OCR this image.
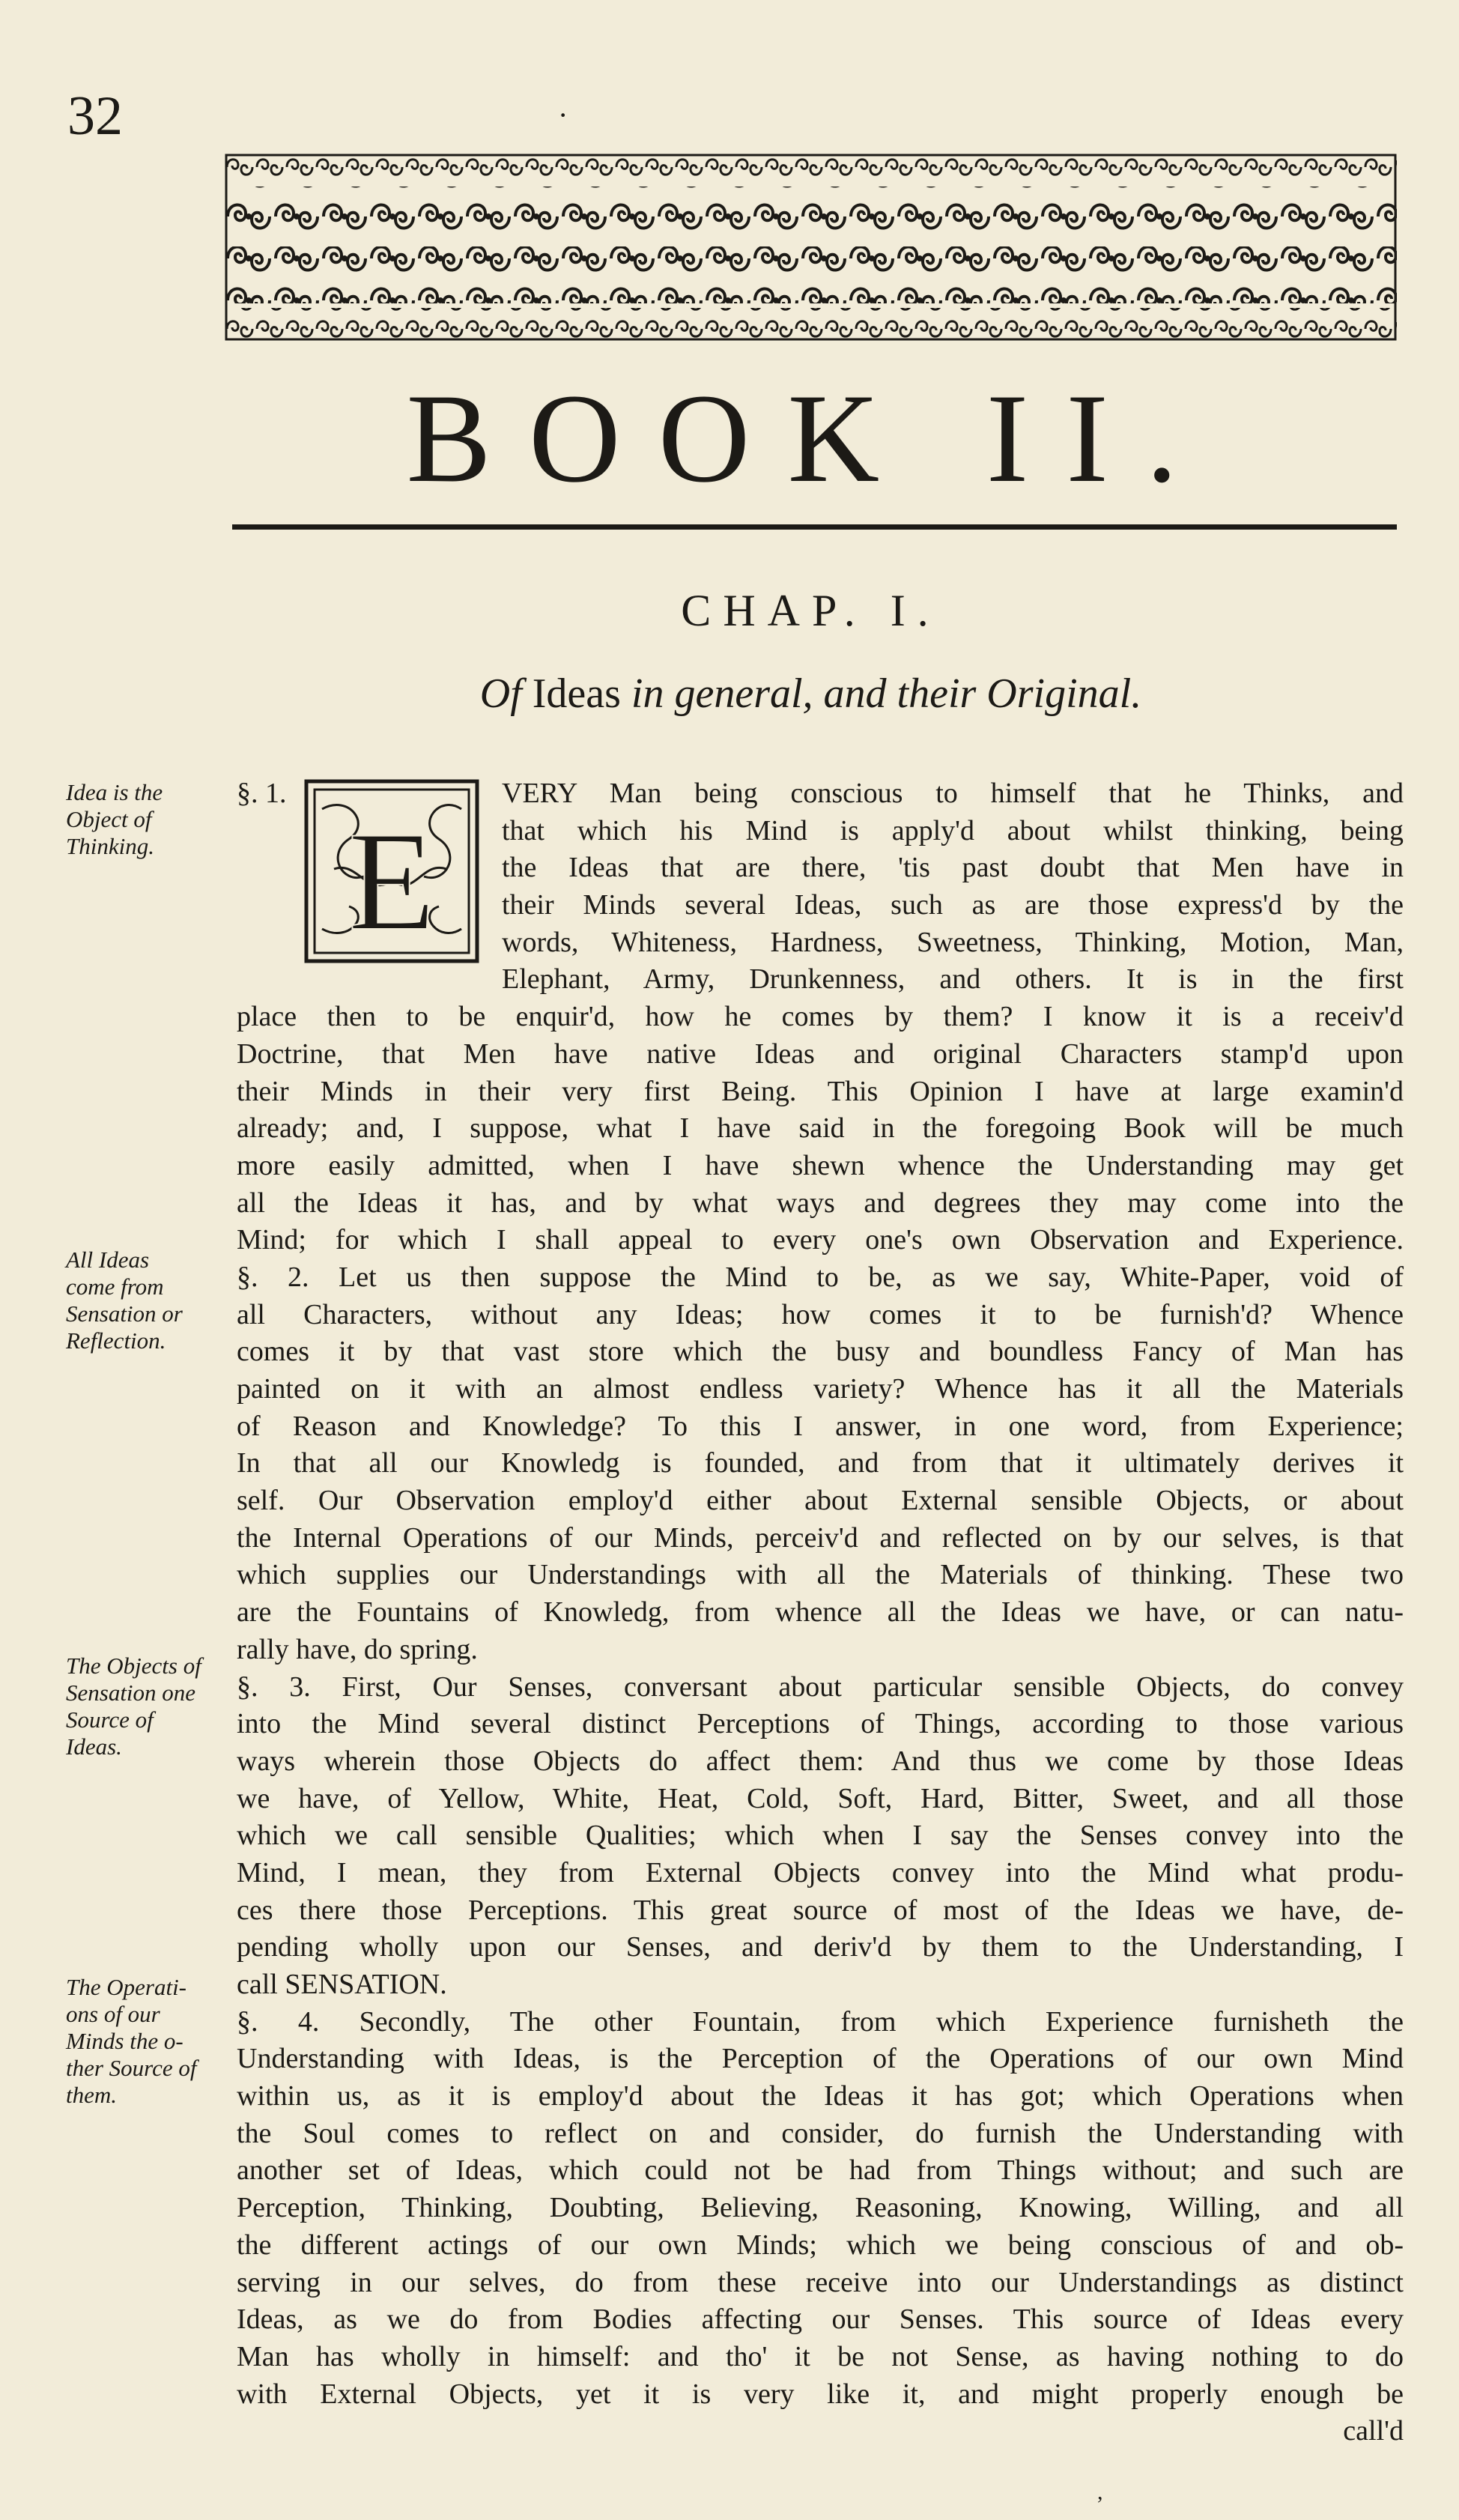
32	·
BOOK II.
CHAP. I.
Of Ideas in general, and their Original.
§. 1.
E
Idea is the
Object of
Thinking.
All Ideas
come from
Sensation or
Reflection.
The Objects of
Sensation one
Source of
Ideas.
The Operati-
ons of our
Minds the o-
ther Source of
them.
VERY Man being conscious to himself that he Thinks, and
that which his Mind is apply'd about whilst thinking, being
the Ideas that are there, 'tis past doubt that Men have in
their Minds several Ideas, such as are those express'd by the
words, Whiteness, Hardness, Sweetness, Thinking, Motion, Man,
Elephant, Army, Drunkenness, and others. It is in the first
place then to be enquir'd, how he comes by them? I know it is a receiv'd
Doctrine, that Men have native Ideas and original Characters stamp'd upon
their Minds in their very first Being. This Opinion I have at large examin'd
already; and, I suppose, what I have said in the foregoing Book will be much
more easily admitted, when I have shewn whence the Understanding may get
all the Ideas it has, and by what ways and degrees they may come into the
Mind; for which I shall appeal to every one's own Observation and Experience.
§. 2. Let us then suppose the Mind to be, as we say, White-Paper, void of
all Characters, without any Ideas; how comes it to be furnish'd? Whence
comes it by that vast store which the busy and boundless Fancy of Man has
painted on it with an almost endless variety? Whence has it all the Materials
of Reason and Knowledge? To this I answer, in one word, from Experience;
In that all our Knowledg is founded, and from that it ultimately derives it
self. Our Observation employ'd either about External sensible Objects, or about
the Internal Operations of our Minds, perceiv'd and reflected on by our selves, is that
which supplies our Understandings with all the Materials of thinking. These two
are the Fountains of Knowledg, from whence all the Ideas we have, or can natu-
rally have, do spring.
§. 3. First, Our Senses, conversant about particular sensible Objects, do convey
into the Mind several distinct Perceptions of Things, according to those various
ways wherein those Objects do affect them: And thus we come by those Ideas
we have, of Yellow, White, Heat, Cold, Soft, Hard, Bitter, Sweet, and all those
which we call sensible Qualities; which when I say the Senses convey into the
Mind, I mean, they from External Objects convey into the Mind what produ-
ces there those Perceptions. This great source of most of the Ideas we have, de-
pending wholly upon our Senses, and deriv'd by them to the Understanding, I
call SENSATION.
§. 4. Secondly, The other Fountain, from which Experience furnisheth the
Understanding with Ideas, is the Perception of the Operations of our own Mind
within us, as it is employ'd about the Ideas it has got; which Operations when
the Soul comes to reflect on and consider, do furnish the Understanding with
another set of Ideas, which could not be had from Things without; and such are
Perception, Thinking, Doubting, Believing, Reasoning, Knowing, Willing, and all
the different actings of our own Minds; which we being conscious of and ob-
serving in our selves, do from these receive into our Understandings as distinct
Ideas, as we do from Bodies affecting our Senses. This source of Ideas every
Man has wholly in himself: and tho' it be not Sense, as having nothing to do
with External Objects, yet it is very like it, and might properly enough be
call'd
,
